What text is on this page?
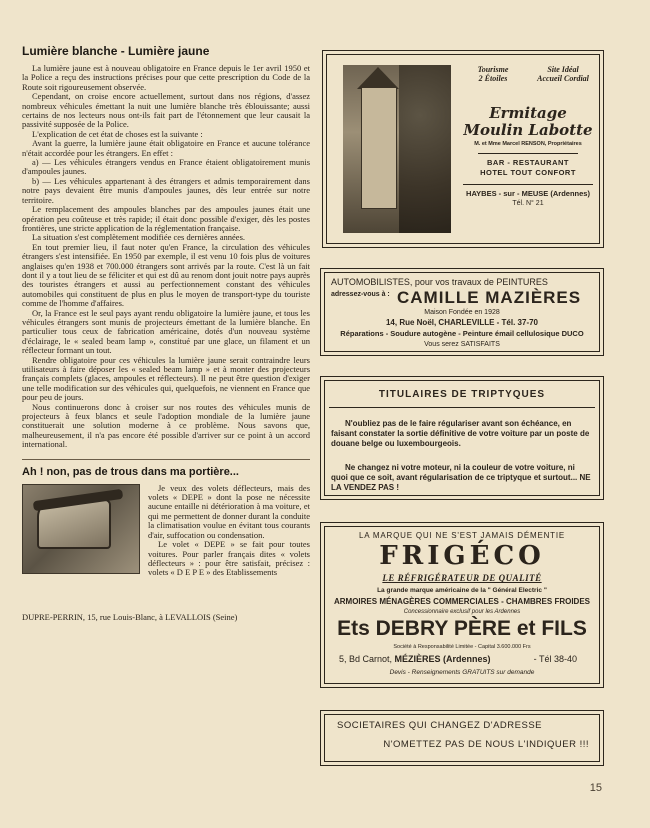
Lumière blanche - Lumière jaune

La lumière jaune est à nouveau obligatoire en France depuis le 1er avril 1950 et la Police a reçu des instructions précises pour que cette prescription du Code de la Route soit rigoureusement observée.

Cependant, on croise encore actuellement, surtout dans nos régions, d'assez nombreux véhicules émettant la nuit une lumière blanche très éblouissante; aussi certains de nos lecteurs nous ont-ils fait part de l'étonnement que leur causait la passivité supposée de la Police.

L'explication de cet état de choses est la suivante :

Avant la guerre, la lumière jaune était obligatoire en France et aucune tolérance n'était accordée pour les étrangers. En effet :

a) — Les véhicules étrangers vendus en France étaient obligatoirement munis d'ampoules jaunes.

b) — Les véhicules appartenant à des étrangers et admis temporairement dans notre pays devaient être munis d'ampoules jaunes, dès leur entrée sur notre territoire.

Le remplacement des ampoules blanches par des ampoules jaunes était une opération peu coûteuse et très rapide; il était donc possible d'exiger, dès les postes frontières, une stricte application de la réglementation française.

La situation s'est complètement modifiée ces dernières années.

En tout premier lieu, il faut noter qu'en France, la circulation des véhicules étrangers s'est intensifiée. En 1950 par exemple, il est venu 10 fois plus de voitures anglaises qu'en 1938 et 700.000 étrangers sont arrivés par la route. C'est là un fait dont il y a tout lieu de se féliciter et qui est dû au renom dont jouit notre pays auprès des touristes étrangers et aussi au perfectionnement constant des véhicules automobiles qui constituent de plus en plus le moyen de transport-type du touriste comme de l'homme d'affaires.

Or, la France est le seul pays ayant rendu obligatoire la lumière jaune, et tous les véhicules étrangers sont munis de projecteurs émettant de la lumière blanche. En particulier tous ceux de fabrication américaine, dotés d'un nouveau système d'éclairage, le « sealed beam lamp », constitué par une glace, un filament et un réflecteur formant un tout.

Rendre obligatoire pour ces véhicules la lumière jaune serait contraindre leurs utilisateurs à faire déposer les « sealed beam lamp » et à monter des projecteurs français complets (glaces, ampoules et réflecteurs). Il ne peut être question d'exiger une telle modification sur des véhicules qui, quelquefois, ne viennent en France que pour peu de jours.

Nous continuerons donc à croiser sur nos routes des véhicules munis de projecteurs à feux blancs et seule l'adoption mondiale de la lumière jaune constituerait une solution moderne à ce problème. Nous savons que, malheureusement, il n'a pas encore été possible d'arriver sur ce point à un accord international.

Ah ! non, pas de trous dans ma portière...

Je veux des volets déflecteurs, mais des volets « DEPE » dont la pose ne nécessite aucune entaille ni détérioration à ma voiture, et qui me permettent de donner durant la conduite la climatisation voulue en évitant tous courants d'air, suffocation ou condensation.

Le volet « DEPE » se fait pour toutes voitures. Pour parler français dites « volets déflecteurs » : pour être satisfait, précisez : volets « D E P E » des Etablissements

DUPRE-PERRIN, 15, rue Louis-Blanc, à LEVALLOIS (Seine)
Tourisme	Site Idéal
2 Étoiles	Accueil Cordial
Ermitage
Moulin Labotte
M. et Mme Marcel RENSON, Propriétaires
BAR - RESTAURANT
HOTEL TOUT CONFORT
HAYBES - sur - MEUSE (Ardennes)
Tél. N° 21
AUTOMOBILISTES, pour vos travaux de PEINTURES
adressez-vous à : CAMILLE MAZIÈRES
Maison Fondée en 1928
14, Rue Noël, CHARLEVILLE - Tél. 37-70
Réparations - Soudure autogène - Peinture émail cellulosique DUCO
Vous serez SATISFAITS
TITULAIRES DE TRIPTYQUES
N'oubliez pas de le faire régulariser avant son échéance, en faisant constater la sortie définitive de votre voiture par un poste de douane belge ou luxembourgeois.
Ne changez ni votre moteur, ni la couleur de votre voiture, ni quoi que ce soit, avant régularisation de ce triptyque et surtout... NE LA VENDEZ PAS !
LA MARQUE QUI NE S'EST JAMAIS DÉMENTIE
FRIGÉCO
LE RÉFRIGÉRATEUR DE QUALITÉ
La grande marque américaine de la " Général Electric "
ARMOIRES MÉNAGÈRES COMMERCIALES - CHAMBRES FROIDES
Concessionnaire exclusif pour les Ardennes
Ets DEBRY PÈRE et FILS
Société à Responsabilité Limitée - Capital 3.600.000 Frs
5, Bd Carnot, MÉZIÈRES (Ardennes)	- Tél 38-40
Devis - Renseignements GRATUITS sur demande
SOCIETAIRES QUI CHANGEZ D'ADRESSE
N'OMETTEZ PAS DE NOUS L'INDIQUER !!!
15
